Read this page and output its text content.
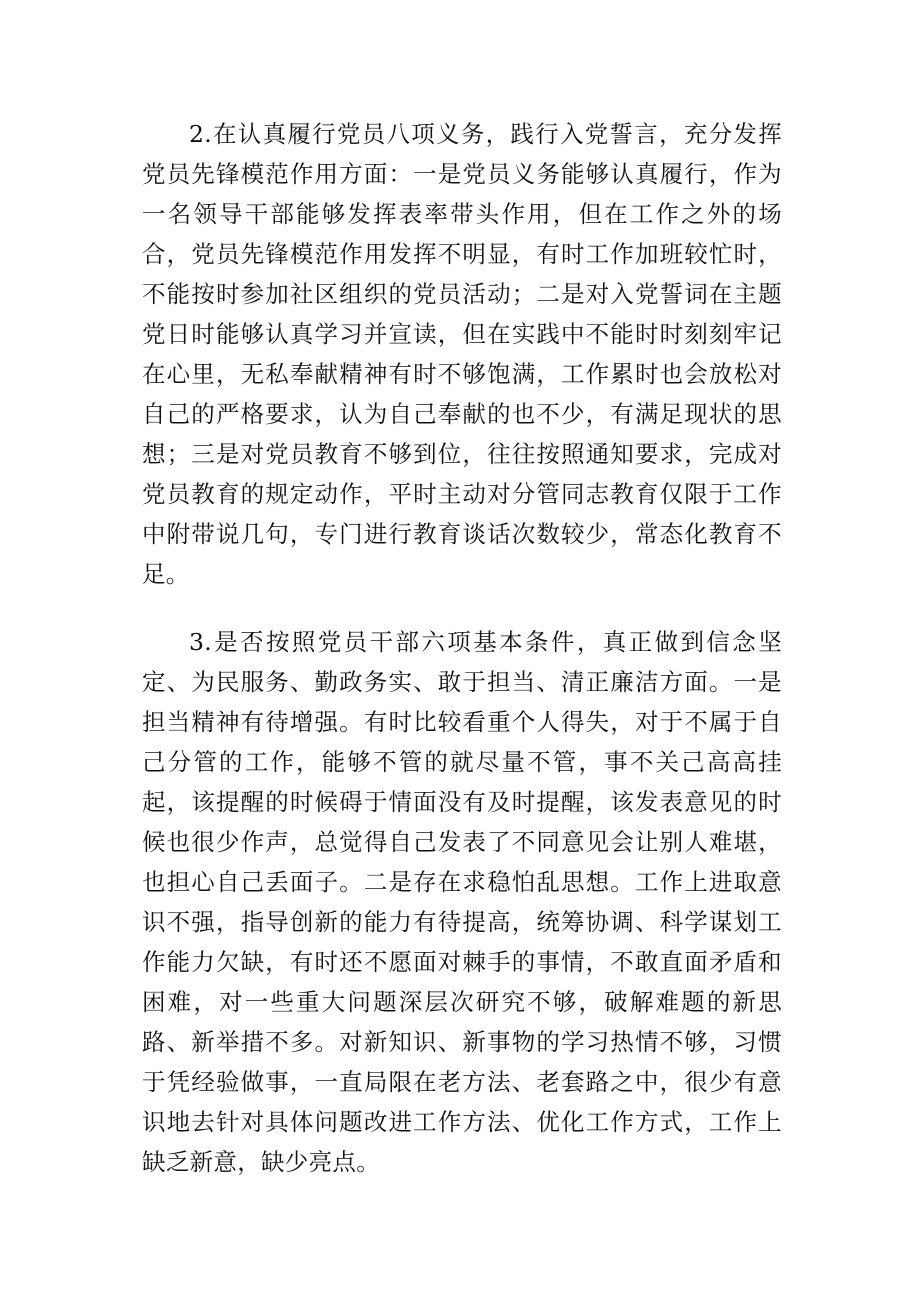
2.在认真履行党员八项义务，践行入党誓言，充分发挥党员先锋模范作用方面：一是党员义务能够认真履行，作为一名领导干部能够发挥表率带头作用，但在工作之外的场合，党员先锋模范作用发挥不明显，有时工作加班较忙时，不能按时参加社区组织的党员活动；二是对入党誓词在主题党日时能够认真学习并宣读，但在实践中不能时时刻刻牢记在心里，无私奉献精神有时不够饱满，工作累时也会放松对自己的严格要求，认为自己奉献的也不少，有满足现状的思想；三是对党员教育不够到位，往往按照通知要求，完成对党员教育的规定动作，平时主动对分管同志教育仅限于工作中附带说几句，专门进行教育谈话次数较少，常态化教育不足。

3.是否按照党员干部六项基本条件，真正做到信念坚定、为民服务、勤政务实、敢于担当、清正廉洁方面。一是担当精神有待增强。有时比较看重个人得失，对于不属于自己分管的工作，能够不管的就尽量不管，事不关己高高挂起，该提醒的时候碍于情面没有及时提醒，该发表意见的时候也很少作声，总觉得自己发表了不同意见会让别人难堪，也担心自己丢面子。二是存在求稳怕乱思想。工作上进取意识不强，指导创新的能力有待提高，统筹协调、科学谋划工作能力欠缺，有时还不愿面对棘手的事情，不敢直面矛盾和困难，对一些重大问题深层次研究不够，破解难题的新思路、新举措不多。对新知识、新事物的学习热情不够，习惯于凭经验做事，一直局限在老方法、老套路之中，很少有意识地去针对具体问题改进工作方法、优化工作方式，工作上缺乏新意，缺少亮点。
